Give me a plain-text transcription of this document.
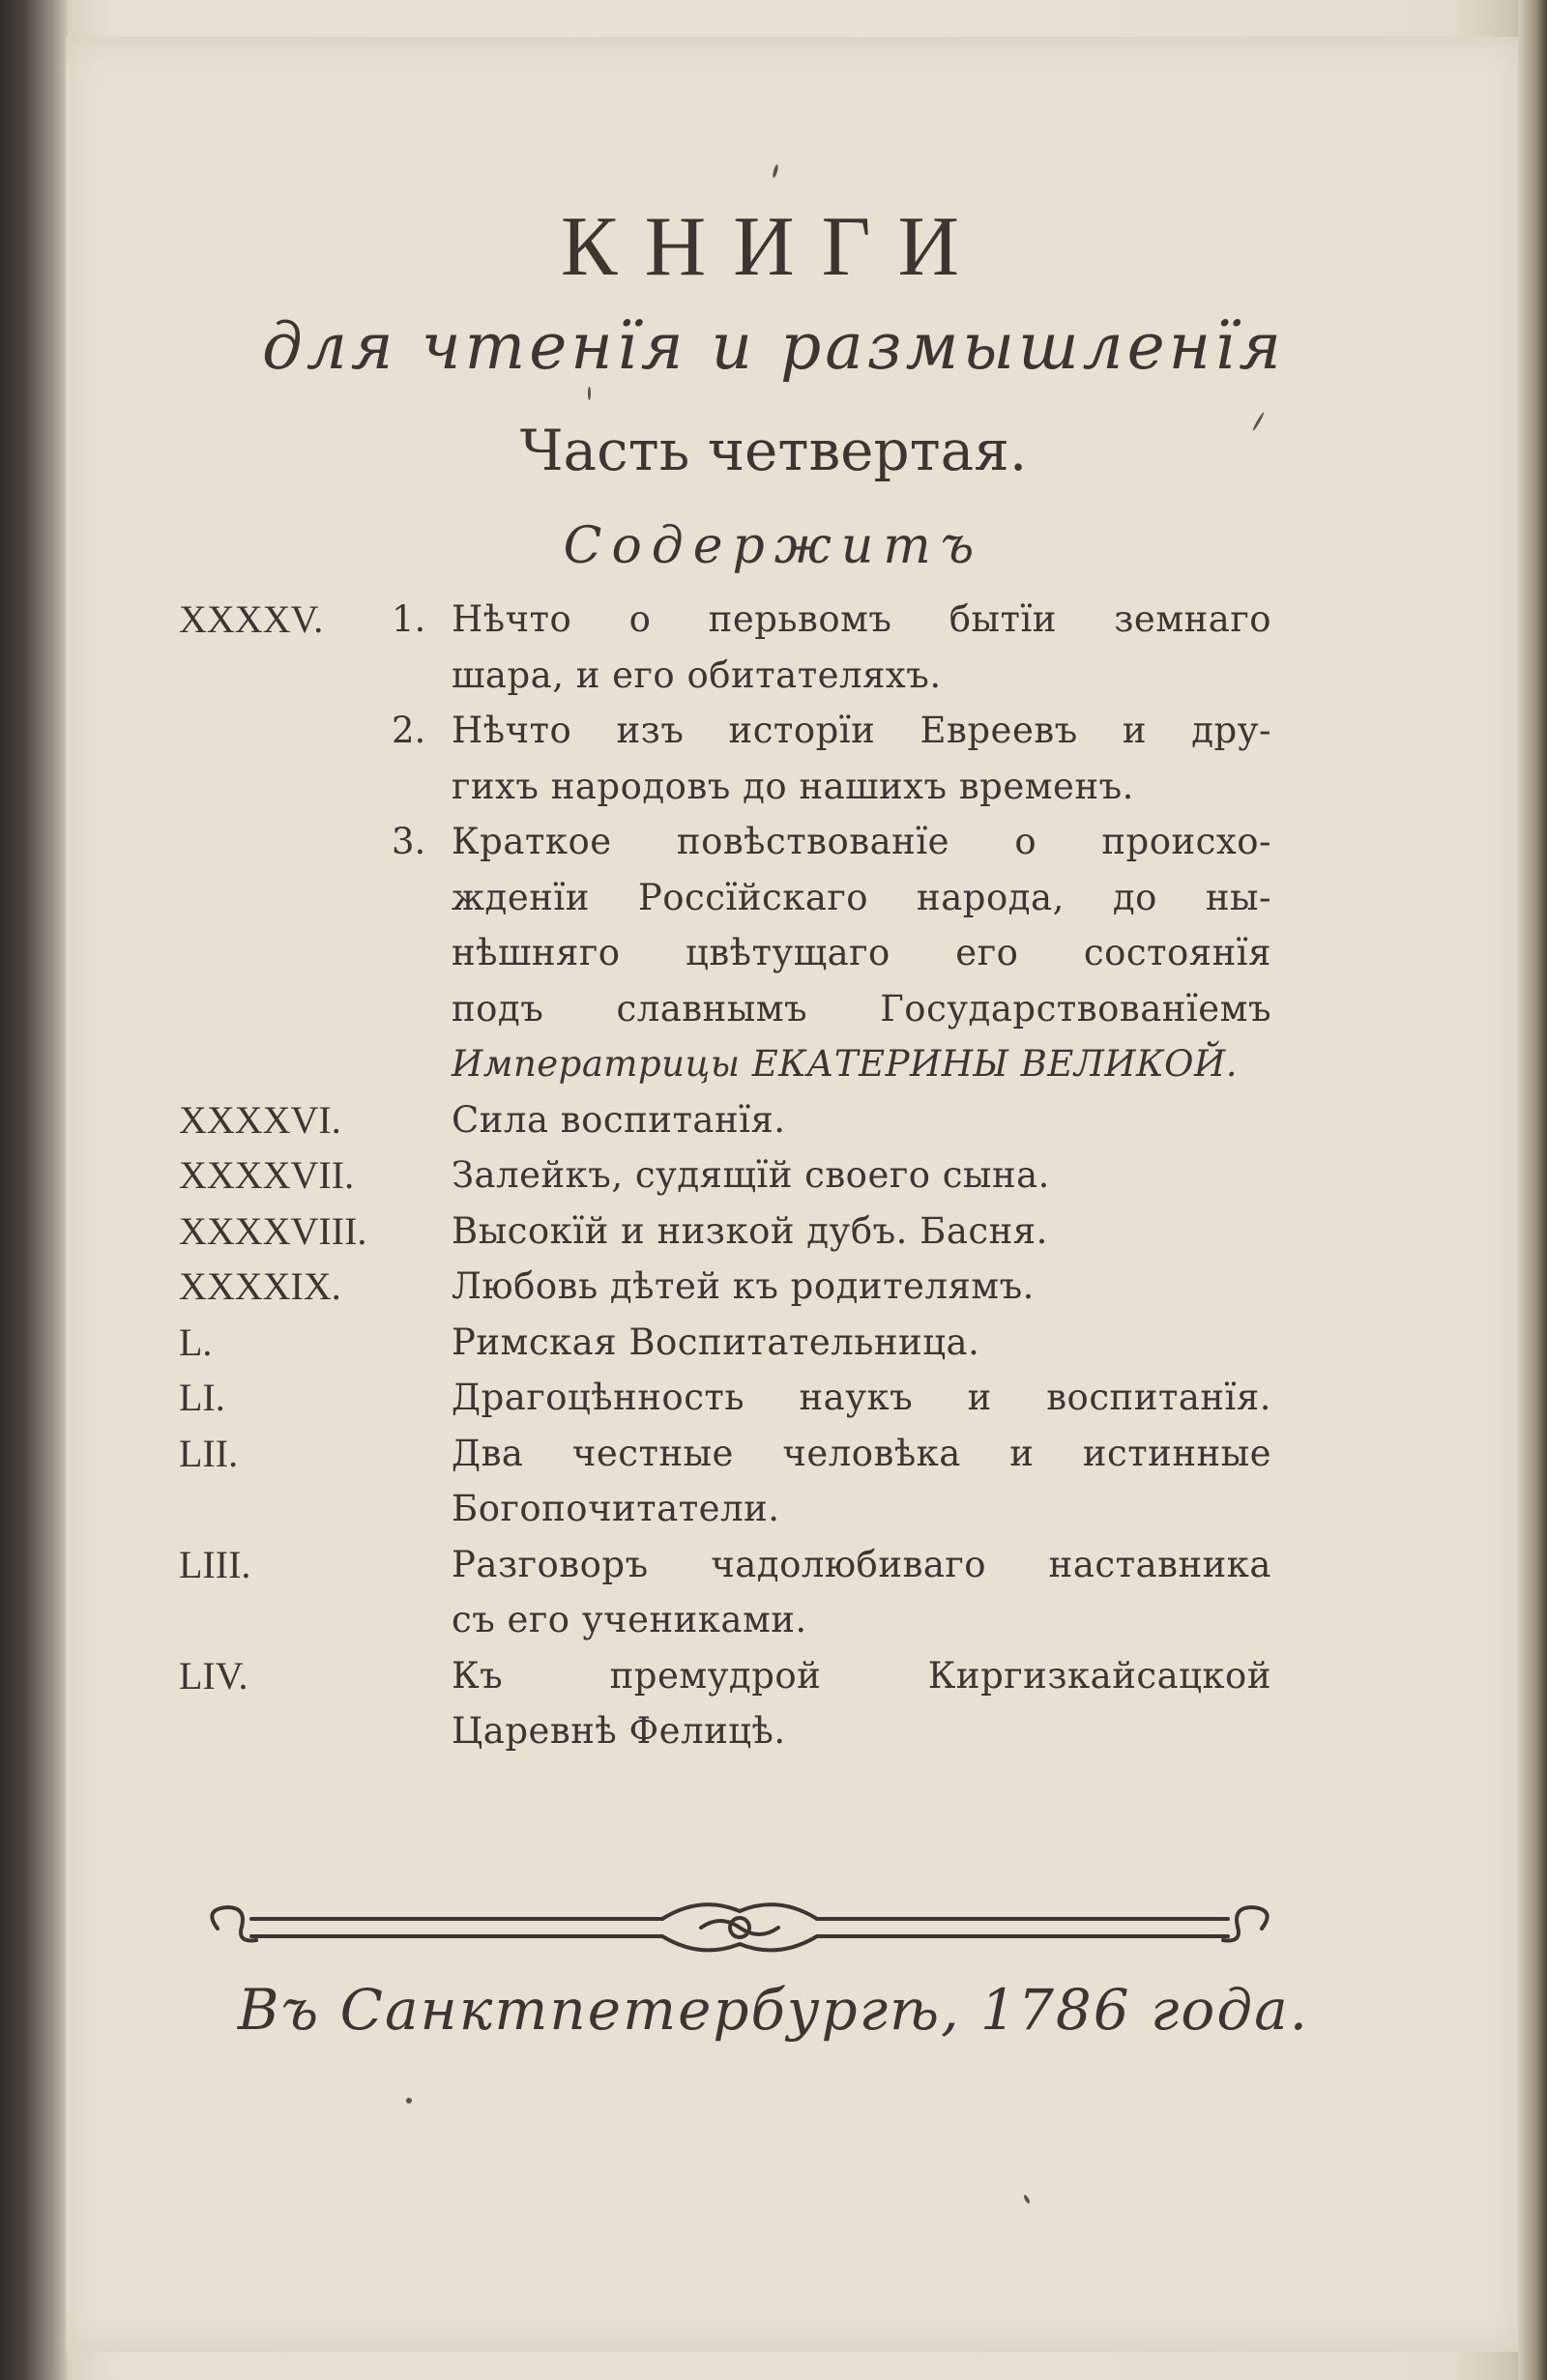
КНИГИ
для чтенїя и размышленїя
Часть четвертая.
Содержитъ
XXXXV. 1. Нѣчто о перьвомъ бытїи земнаго
шара, и его обитателяхъ.
2. Нѣчто изъ исторїи Евреевъ и дру-
гихъ народовъ до нашихъ временъ.
3. Краткое повѣствованїе о происхо-
жденїи Россїйскаго народа, до ны-
нѣшняго цвѣтущаго его состоянїя
подъ славнымъ Государствованїемъ
Императрицы ЕКАТЕРИНЫ ВЕЛИКОЙ.
XXXXVI.	Сила воспитанїя.
XXXXVII.	Залейкъ, судящїй своего сына.
XXXXVIII. Высокїй и низкой дубъ. Басня.
XXXXIX.	Любовь дѣтей къ родителямъ.
L.	Римская Воспитательница.
LI.	Драгоцѣнность наукъ и воспитанїя.
LII.	Два честные человѣка и истинные
Богопочитатели.
LIII.	Разговоръ чадолюбиваго наставника
съ его учениками.
LIV.	Къ премудрой Киргизкайсацкой
Царевнѣ Фелицѣ.
Въ Санктпетербургѣ, 1786 года.
